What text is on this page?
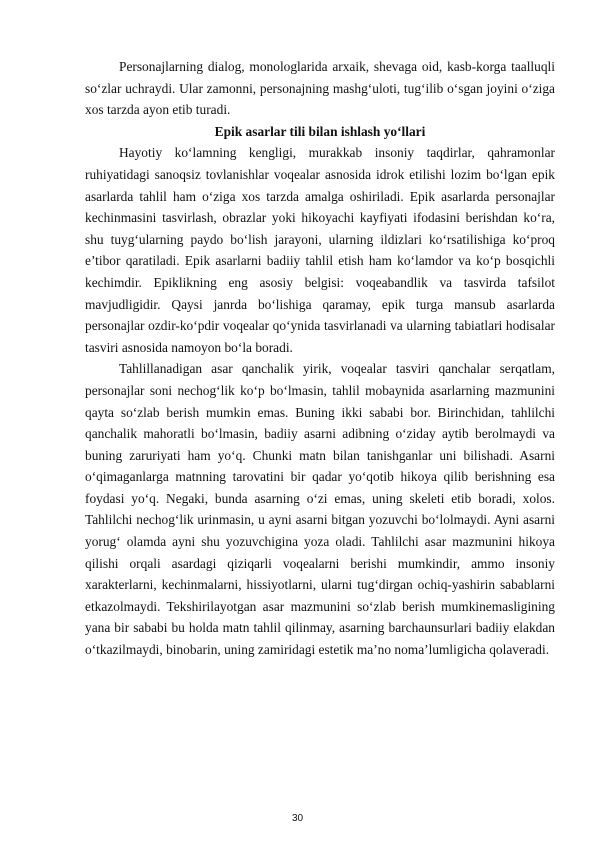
Personajlarning dialog, monologlarida arxaik, shevaga oid, kasb-korga taalluqli so‘zlar uchraydi. Ular zamonni, personajning mashg‘uloti, tug‘ilib o‘sgan joyini o‘ziga xos tarzda ayon etib turadi.

Epik asarlar tili bilan ishlash yo‘llari

Hayotiy ko‘lamning kengligi, murakkab insoniy taqdirlar, qahramonlar ruhiyatidagi sanoqsiz tovlanishlar voqealar asnosida idrok etilishi lozim bo‘lgan epik asarlarda tahlil ham o‘ziga xos tarzda amalga oshiriladi. Epik asarlarda personajlar kechinmasini tasvirlash, obrazlar yoki hikoyachi kayfiyati ifodasini berishdan ko‘ra, shu tuyg‘ularning paydo bo‘lish jarayoni, ularning ildizlari ko‘rsatilishiga ko‘proq e’tibor qaratiladi. Epik asarlarni badiiy tahlil etish ham ko‘lamdor va ko‘p bosqichli kechimdir. Epiklikning eng asosiy belgisi: voqeabandlik va tasvirda tafsilot mavjudligidir. Qaysi janrda bo‘lishiga qaramay, epik turga mansub asarlarda personajlar ozdir-ko‘pdir voqealar qo‘ynida tasvirlanadi va ularning tabiatlari hodisalar tasviri asnosida namoyon bo‘la boradi.

Tahlillanadigan asar qanchalik yirik, voqealar tasviri qanchalar serqatlam, personajlar soni nechog‘lik ko‘p bo‘lmasin, tahlil mobaynida asarlarning mazmunini qayta so‘zlab berish mumkin emas. Buning ikki sababi bor. Birinchidan, tahlilchi qanchalik mahoratli bo‘lmasin, badiiy asarni adibning o‘ziday aytib berolmaydi va buning zaruriyati ham yo‘q. Chunki matn bilan tanishganlar uni bilishadi. Asarni o‘qimaganlarga matnning tarovatini bir qadar yo‘qotib hikoya qilib berishning esa foydasi yo‘q. Negaki, bunda asarning o‘zi emas, uning skeleti etib boradi, xolos. Tahlilchi nechog‘lik urinmasin, u ayni asarni bitgan yozuvchi bo‘lolmaydi. Ayni asarni yorug‘ olamda ayni shu yozuvchigina yoza oladi. Tahlilchi asar mazmunini hikoya qilishi orqali asardagi qiziqarli voqealarni berishi mumkindir, ammo insoniy xarakterlarni, kechinmalarni, hissiyotlarni, ularni tug‘dirgan ochiq-yashirin sabablarni etkazolmaydi. Tekshirilayotgan asar mazmunini so‘zlab berish mumkinemasligining yana bir sababi bu holda matn tahlil qilinmay, asarning barchaunsurlari badiiy elakdan o‘tkazilmaydi, binobarin, uning zamiridagi estetik ma’no noma’lumligicha qolaveradi.

30
